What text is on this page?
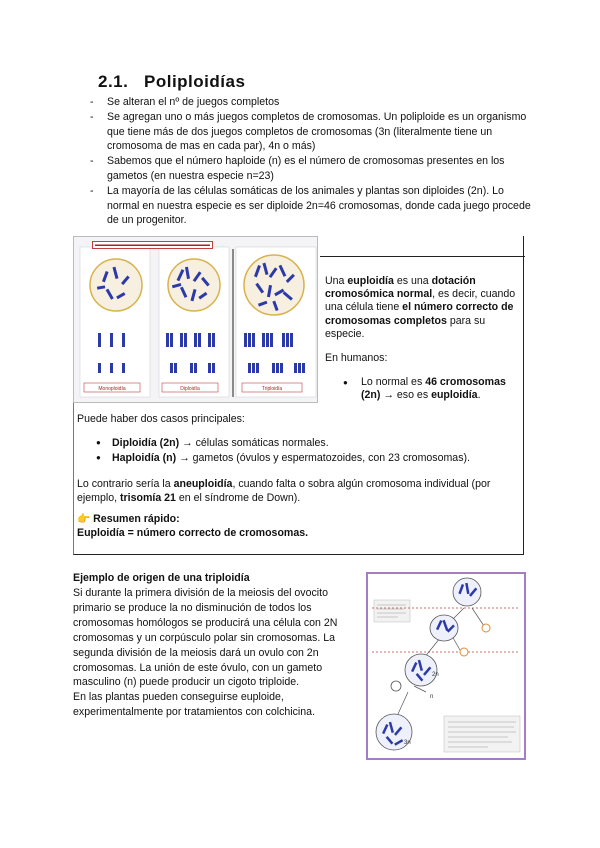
2.1. Poliploidías
- Se alteran el nº de juegos completos
- Se agregan uno o más juegos completos de cromosomas. Un poliploide es un organismo que tiene más de dos juegos completos de cromosomas (3n (literalmente tiene un cromosoma de mas en cada par), 4n o más)
- Sabemos que el número haploide (n) es el número de cromosomas presentes en los gametos (en nuestra especie n=23)
- La mayoría de las células somáticas de los animales y plantas son diploides (2n). Lo normal en nuestra especie es ser diploide 2n=46 cromosomas, donde cada juego procede de un progenitor.
▬▬▬▬▬▬▬▬▬▬▬▬▬▬▬▬▬▬▬▬▬▬▬
Monoploidía	Diploidía	Triploidía

Una euploidía es una dotación cromosómica normal, es decir, cuando una célula tiene el número correcto de cromosomas completos para su especie.

En humanos:

● Lo normal es 46 cromosomas (2n) → eso es euploidía.

Puede haber dos casos principales:
● Diploidía (2n) → células somáticas normales.
● Haploidía (n) → gametos (óvulos y espermatozoides, con 23 cromosomas).
Lo contrario sería la aneuploidía, cuando falta o sobra algún cromosoma individual (por ejemplo, trisomía 21 en el síndrome de Down).
👉 Resumen rápido:
Euploidía = número correcto de cromosomas.
Ejemplo de origen de una triploidía

Si durante la primera división de la meiosis del ovocito primario se produce la no disminución de todos los cromosomas homólogos se producirá una célula con 2N cromosomas y un corpúsculo polar sin cromosomas. La segunda división de la meiosis dará un ovulo con 2n cromosomas. La unión de este óvulo, con un gameto masculino (n) puede producir un cigoto triploide.

En las plantas pueden conseguirse euploide, experimentalmente por tratamientos con colchicina.

2n
n
3n
